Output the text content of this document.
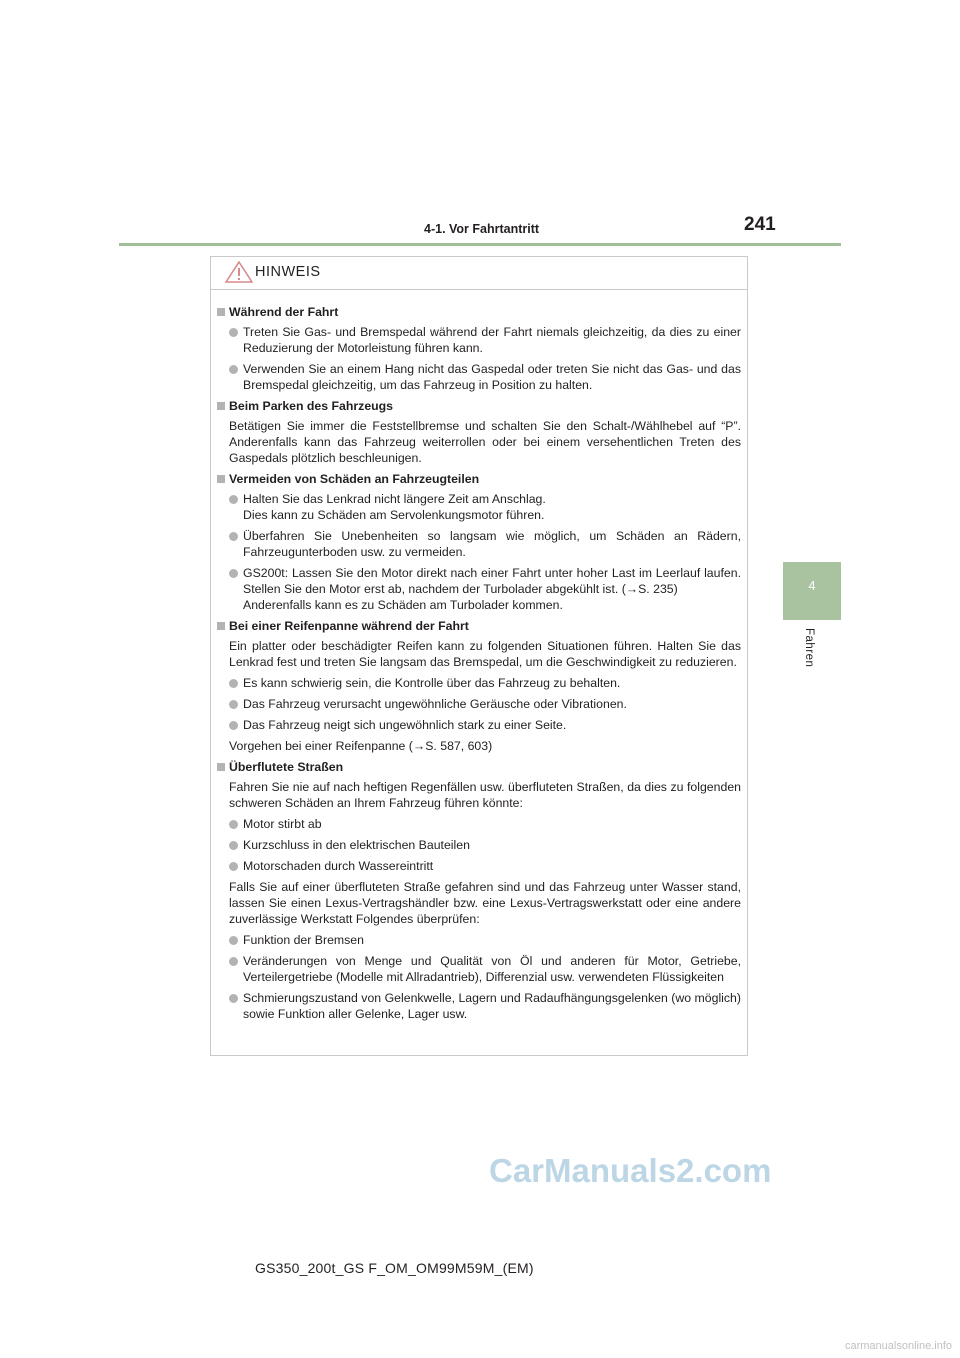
4-1. Vor Fahrtantritt	241
4
Fahren
HINWEIS
Während der Fahrt
Treten Sie Gas- und Bremspedal während der Fahrt niemals gleichzeitig, da dies zu einer Reduzierung der Motorleistung führen kann.
Verwenden Sie an einem Hang nicht das Gaspedal oder treten Sie nicht das Gas- und das Bremspedal gleichzeitig, um das Fahrzeug in Position zu halten.
Beim Parken des Fahrzeugs
Betätigen Sie immer die Feststellbremse und schalten Sie den Schalt-/Wählhebel auf “P”. Anderenfalls kann das Fahrzeug weiterrollen oder bei einem versehentlichen Treten des Gaspedals plötzlich beschleunigen.
Vermeiden von Schäden an Fahrzeugteilen
Halten Sie das Lenkrad nicht längere Zeit am Anschlag.
Dies kann zu Schäden am Servolenkungsmotor führen.
Überfahren Sie Unebenheiten so langsam wie möglich, um Schäden an Rädern, Fahrzeugunterboden usw. zu vermeiden.
GS200t: Lassen Sie den Motor direkt nach einer Fahrt unter hoher Last im Leerlauf laufen. Stellen Sie den Motor erst ab, nachdem der Turbolader abgekühlt ist. (→S. 235)
Anderenfalls kann es zu Schäden am Turbolader kommen.
Bei einer Reifenpanne während der Fahrt
Ein platter oder beschädigter Reifen kann zu folgenden Situationen führen. Halten Sie das Lenkrad fest und treten Sie langsam das Bremspedal, um die Geschwindigkeit zu reduzieren.
Es kann schwierig sein, die Kontrolle über das Fahrzeug zu behalten.
Das Fahrzeug verursacht ungewöhnliche Geräusche oder Vibrationen.
Das Fahrzeug neigt sich ungewöhnlich stark zu einer Seite.
Vorgehen bei einer Reifenpanne (→S. 587, 603)
Überflutete Straßen
Fahren Sie nie auf nach heftigen Regenfällen usw. überfluteten Straßen, da dies zu folgenden schweren Schäden an Ihrem Fahrzeug führen könnte:
Motor stirbt ab
Kurzschluss in den elektrischen Bauteilen
Motorschaden durch Wassereintritt
Falls Sie auf einer überfluteten Straße gefahren sind und das Fahrzeug unter Wasser stand, lassen Sie einen Lexus-Vertragshändler bzw. eine Lexus-Vertragswerkstatt oder eine andere zuverlässige Werkstatt Folgendes überprüfen:
Funktion der Bremsen
Veränderungen von Menge und Qualität von Öl und anderen für Motor, Getriebe, Verteilergetriebe (Modelle mit Allradantrieb), Differenzial usw. verwendeten Flüssigkeiten
Schmierungszustand von Gelenkwelle, Lagern und Radaufhängungsgelenken (wo möglich) sowie Funktion aller Gelenke, Lager usw.
CarManuals2.com
GS350_200t_GS F_OM_OM99M59M_(EM)
carmanualsonline.info
